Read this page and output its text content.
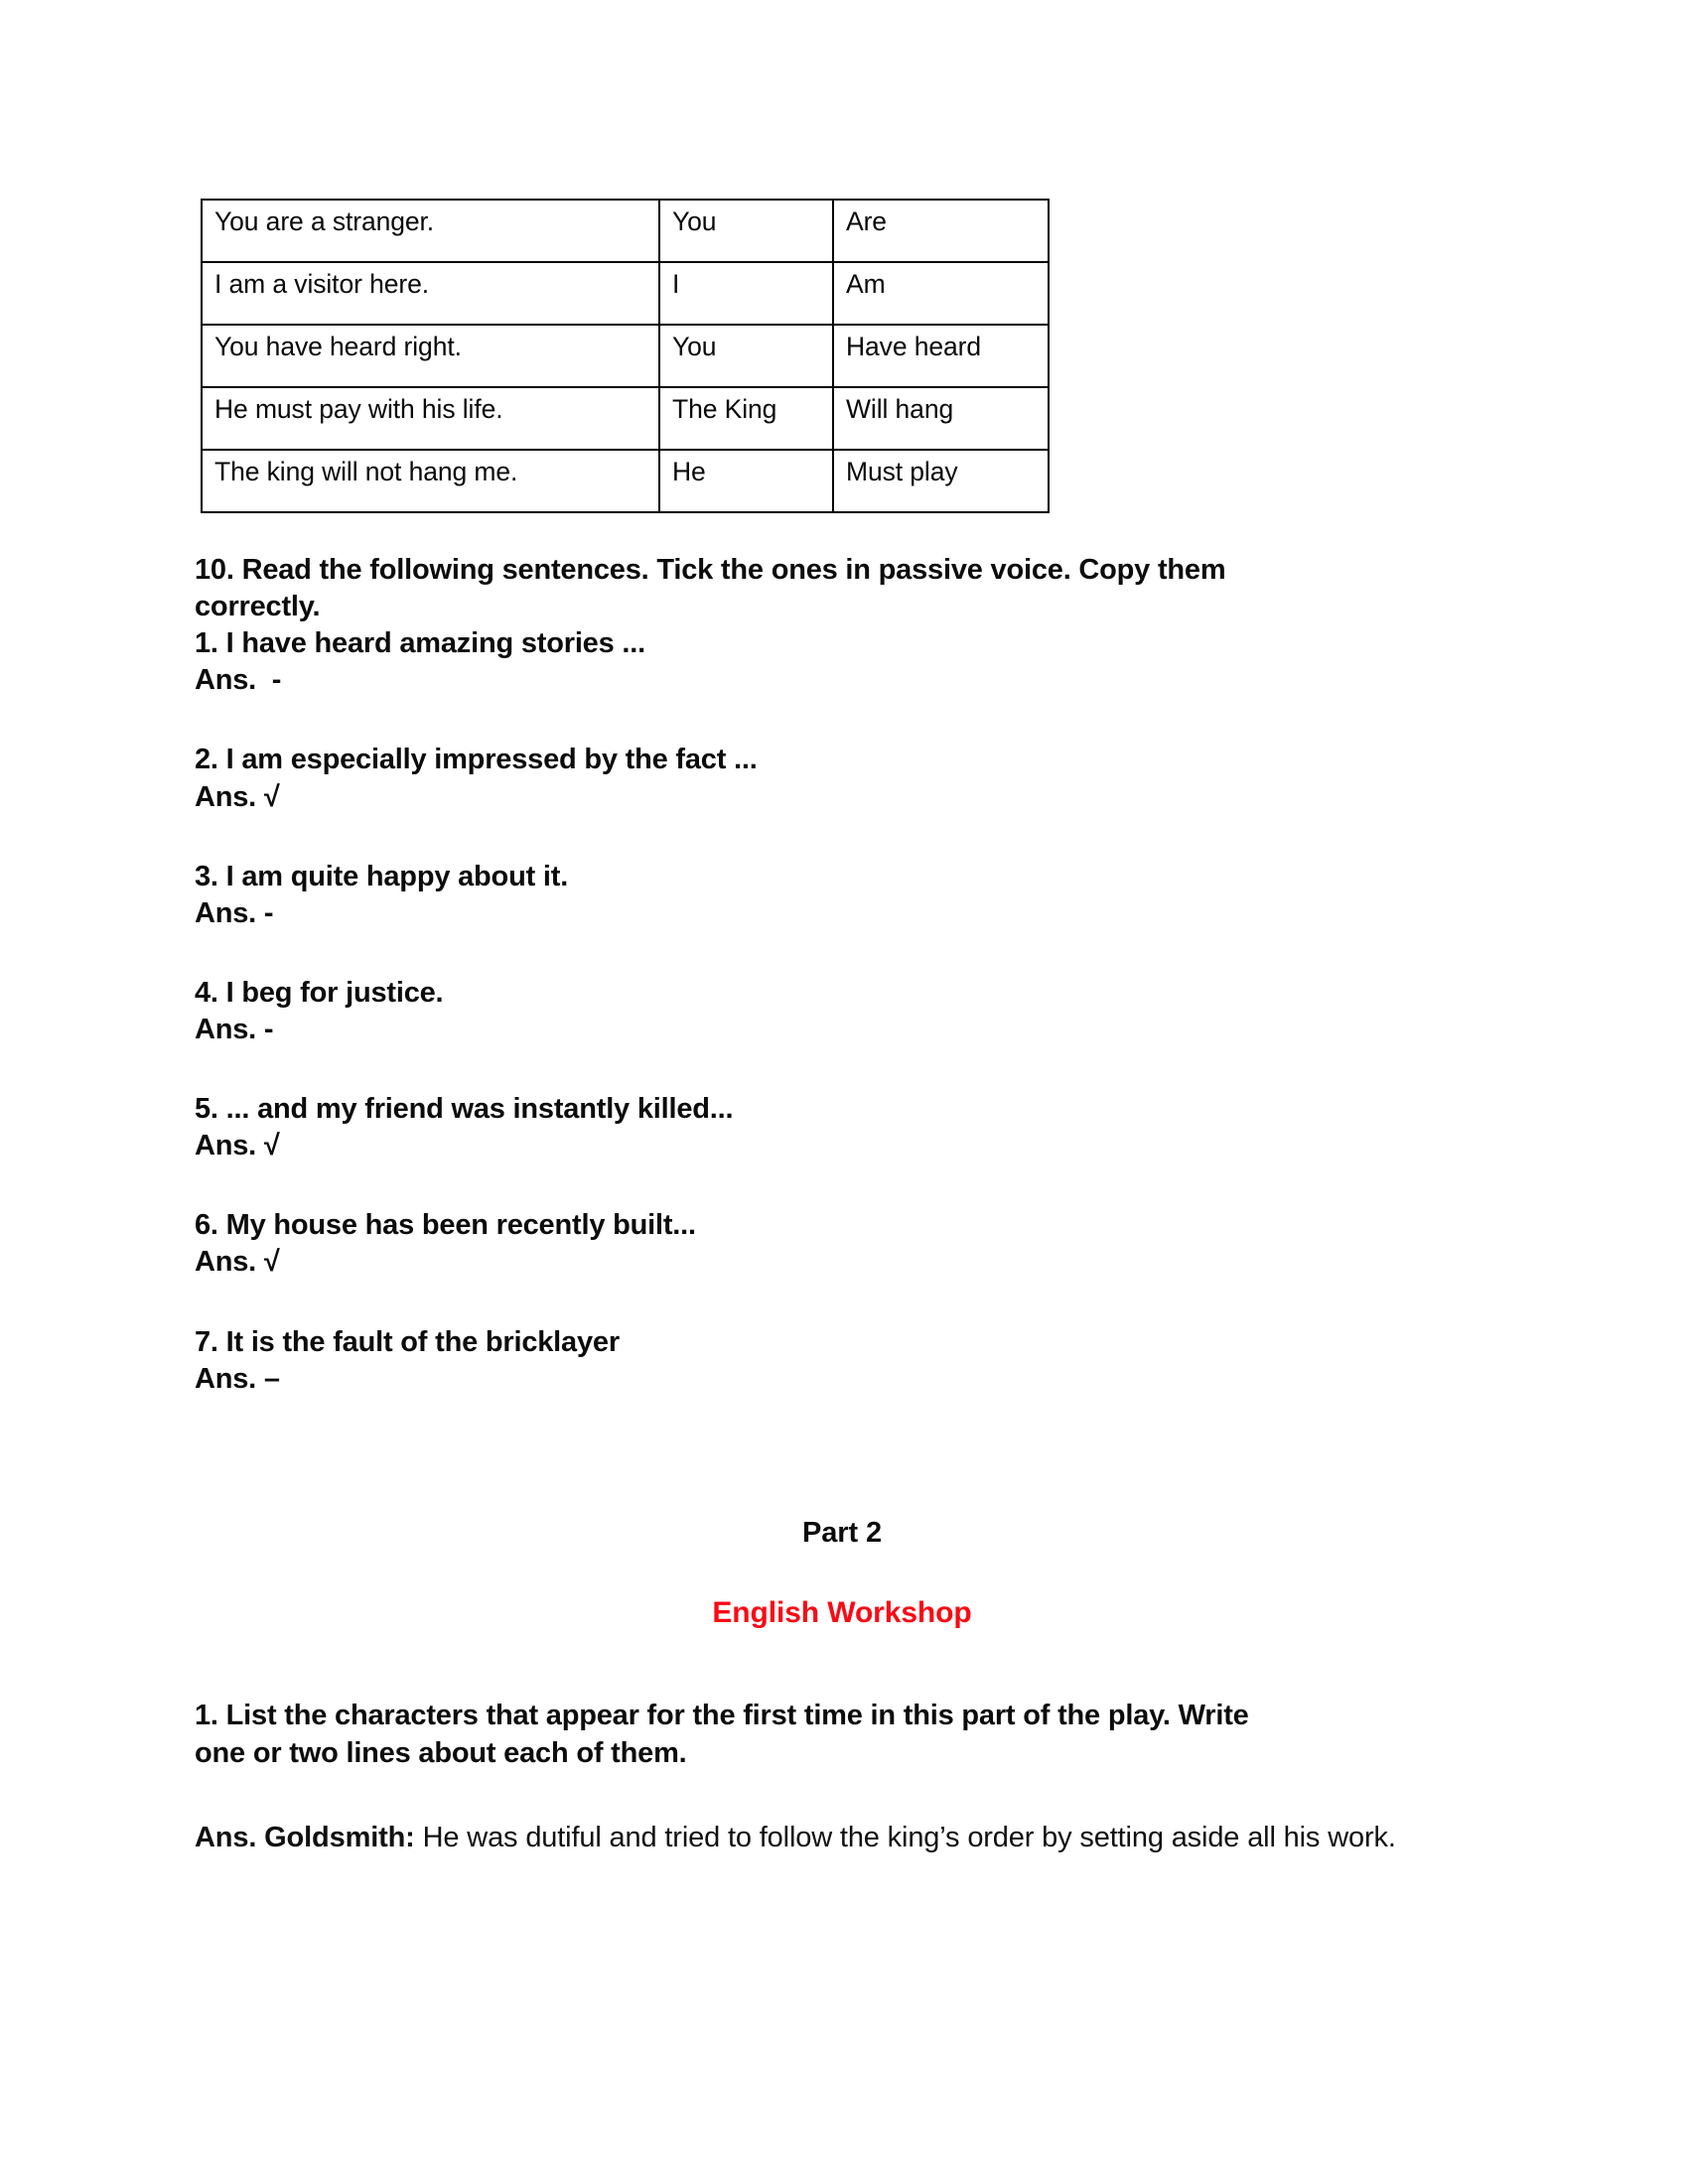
You are a stranger.	You	Are
I am a visitor here.	I	Am
You have heard right.	You	Have heard
He must pay with his life.	The King	Will hang
The king will not hang me.	He	Must play

10. Read the following sentences. Tick the ones in passive voice. Copy them

correctly.

1. I have heard amazing stories ...

Ans.  -

2. I am especially impressed by the fact ...

Ans. √

3. I am quite happy about it.

Ans. -

4. I beg for justice.

Ans. -

5. ... and my friend was instantly killed...

Ans. √

6. My house has been recently built...

Ans. √

7. It is the fault of the bricklayer

Ans. –

Part 2
English Workshop

1. List the characters that appear for the first time in this part of the play. Write

one or two lines about each of them.

Ans. Goldsmith: He was dutiful and tried to follow the king’s order by setting aside all his work.
